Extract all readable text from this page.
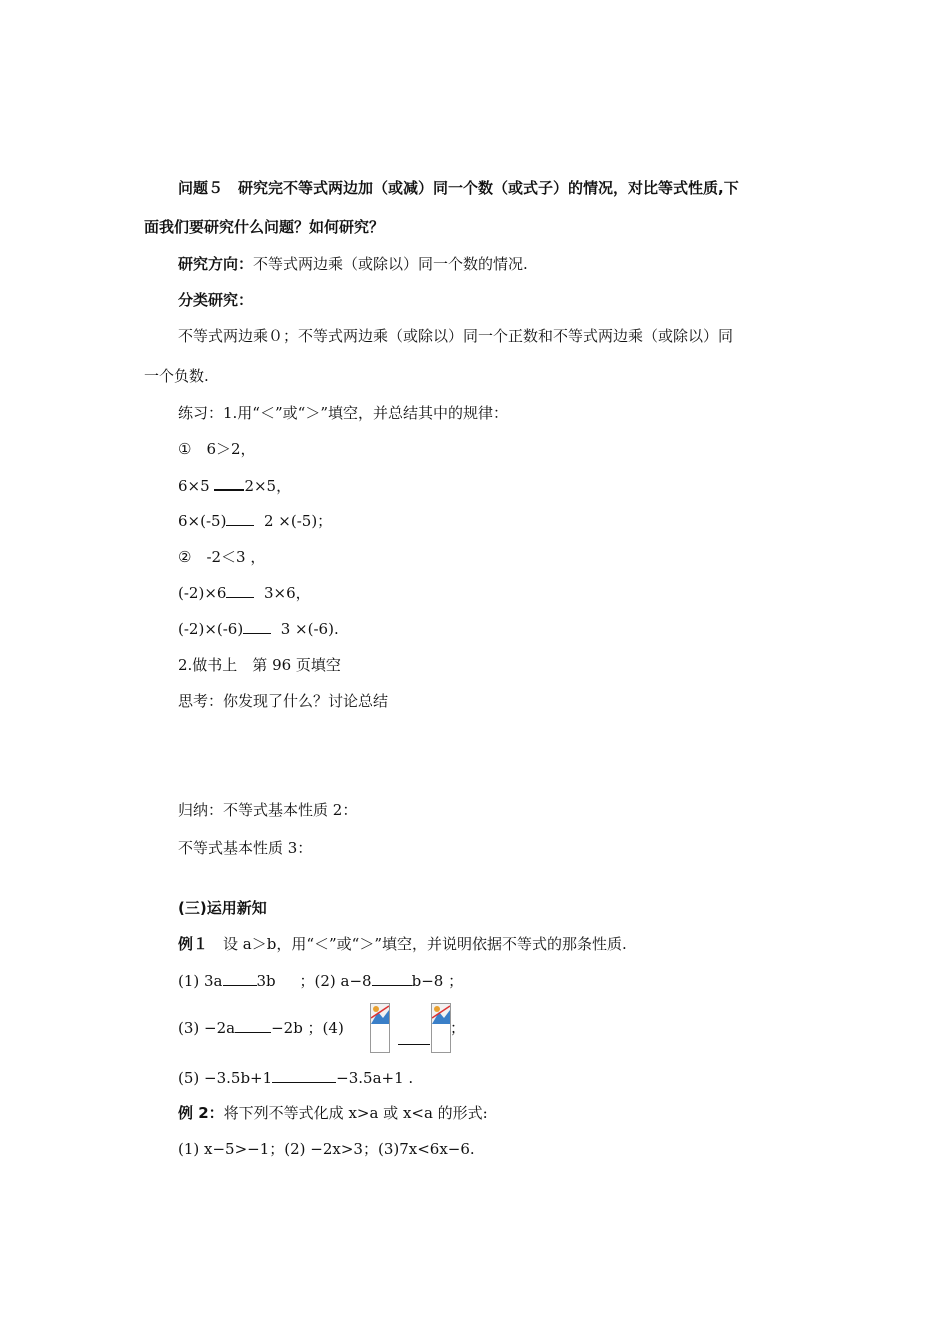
问题５　研究完不等式两边加（或减）同一个数（或式子）的情况，对比等式性质,下
面我们要研究什么问题？如何研究？
研究方向：不等式两边乘（或除以）同一个数的情况.
分类研究：
不等式两边乘０；不等式两边乘（或除以）同一个正数和不等式两边乘（或除以）同
一个负数.
练习：1.用“＜”或“＞”填空，并总结其中的规律：
①　6＞2，
6×5 2×5，
6×(-5)	2 ×(-5)；
②　-2＜3 ，
(-2)×6	3×6，
(-2)×(-6)	3 ×(-6).
2.做书上　第 96 页填空
思考：你发现了什么？讨论总结
归纳：不等式基本性质 2：
不等式基本性质 3：
(三)运用新知
例１　设 a＞b，用“＜”或“＞”填空，并说明依据不等式的那条性质.
(1) 3a 3b ；(2) a−8	b−8 ；
(3) −2a −2b ；(4)	；
(5) −3.5b+1	−3.5a+1 .
例 2：将下列不等式化成 x>a 或 x<a 的形式:
(1) x−5>−1；(2) −2x>3；(3)7x<6x−6.
